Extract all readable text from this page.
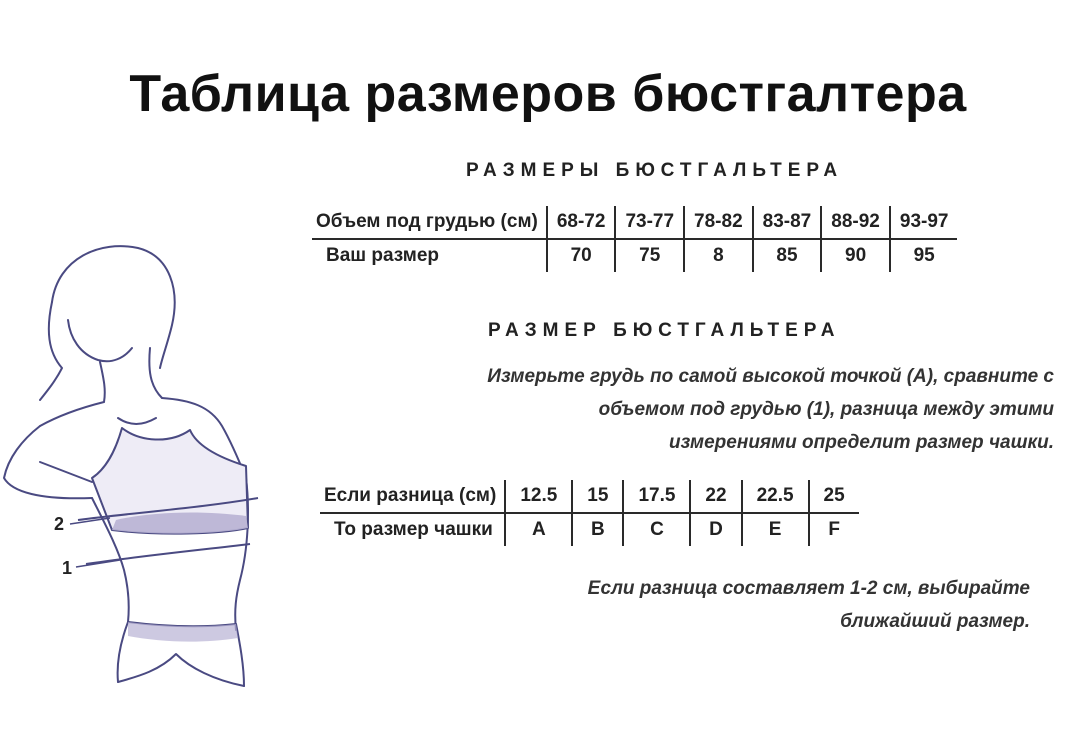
Таблица размеров бюстгалтера
2
1
РАЗМЕРЫ БЮСТГАЛЬТЕРА
Объем под грудью (см)	68-72	73-77	78-82	83-87	88-92	93-97
Ваш размер	70	75	8	85	90	95
РАЗМЕР БЮСТГАЛЬТЕРА
Измерьте грудь по самой высокой точкой (А), сравните с
объемом под грудью (1), разница между этими
измерениями определит размер чашки.
Если разница (см)	12.5	15	17.5	22	22.5	25
То размер чашки	A	B	C	D	E	F
Если разница составляет 1-2 см, выбирайте
ближайший размер.
